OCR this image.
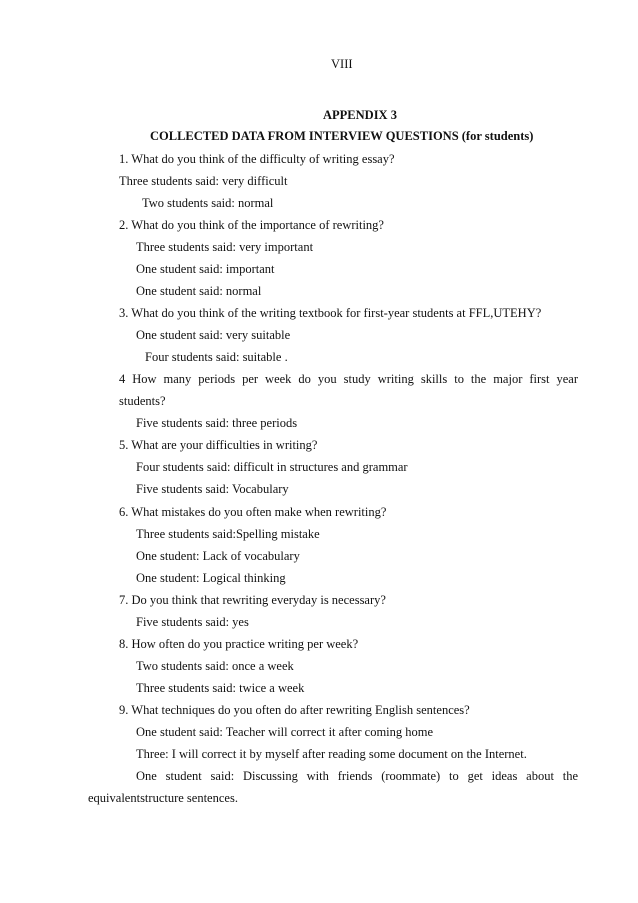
VIII
APPENDIX 3
COLLECTED DATA FROM INTERVIEW QUESTIONS (for students)
1. What do you think of the difficulty of writing essay?
Three students said: very difficult
Two students said: normal
2. What do you think of the importance of rewriting?
Three students said: very important
One student said: important
One student said: normal
3. What do you think of the writing textbook for first-year students at FFL,UTEHY?
One student said: very suitable
Four students said: suitable .
4 How many periods per week do you study writing skills to the major first year
students?
Five students said: three periods
5. What are your difficulties in writing?
Four students said: difficult in structures and grammar
Five students said: Vocabulary
6. What mistakes do you often make when rewriting?
Three students said:Spelling mistake
One student: Lack of vocabulary
One student: Logical thinking
7. Do you think that rewriting everyday is necessary?
Five students said: yes
8. How often do you practice writing per week?
Two students said: once a week
Three students said: twice a week
9. What techniques do you often do after rewriting English sentences?
One student said: Teacher will correct it after coming home
Three: I will correct it by myself after reading some document on the Internet.
One student said: Discussing with friends (roommate) to get ideas about the
equivalentstructure sentences.
